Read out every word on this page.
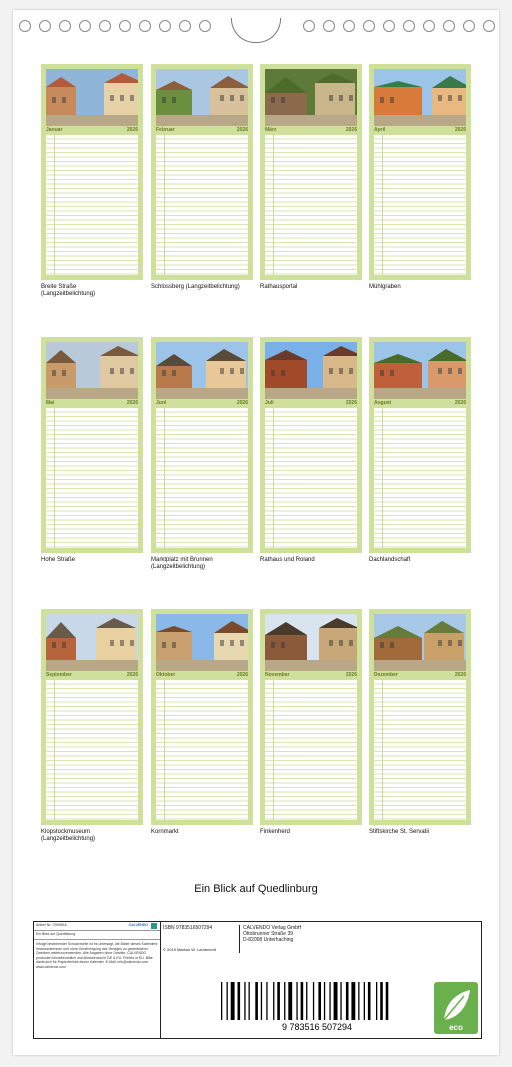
Januar	2026
Breite Straße
(Langzeitbelichtung)
Februar	2026
Schlossberg (Langzeitbelichtung)
März	2026
Rathausportal
April	2026
Mühlgraben
Mai	2026
Hohe Straße
Juni	2026
Marktplatz mit Brunnen
(Langzeitbelichtung)
Juli	2026
Rathaus und Roland
August	2026
Dachlandschaft
September	2026
Klopstockmuseum
(Langzeitbelichtung)
Oktober	2026
Kornmarkt
November	2026
Finkenherd
Dezember	2026
Stiftskirche St. Servatii
Ein Blick auf Quedlinburg
Artikel Nr.: 2990816	CALVENDO
Ein Blick auf Quedlinburg
Infolge bestehender Schutzrechte ist es untersagt, die Bilder dieses Kalenders herauszutrennen und ohne Genehmigung des Verlages zu gewerblichen Zwecken weiterzuverwenden. Alle Angaben ohne Gewähr. CALVENDO produziert klimafreundlich und klimaneutral in DE & EU. Printed in EU. Bitte dankt sich für Papierfreiheit dieser Kalender. E-Mail: info@calvendo.com · www.calvendo.com
ISBN 9783516507294
© 2019 Markus W. Lambrecht
CALVENDO Verlag GmbH
Ottobrunner Straße 39
D-82008 Unterhaching
9 783516 507294	eco
